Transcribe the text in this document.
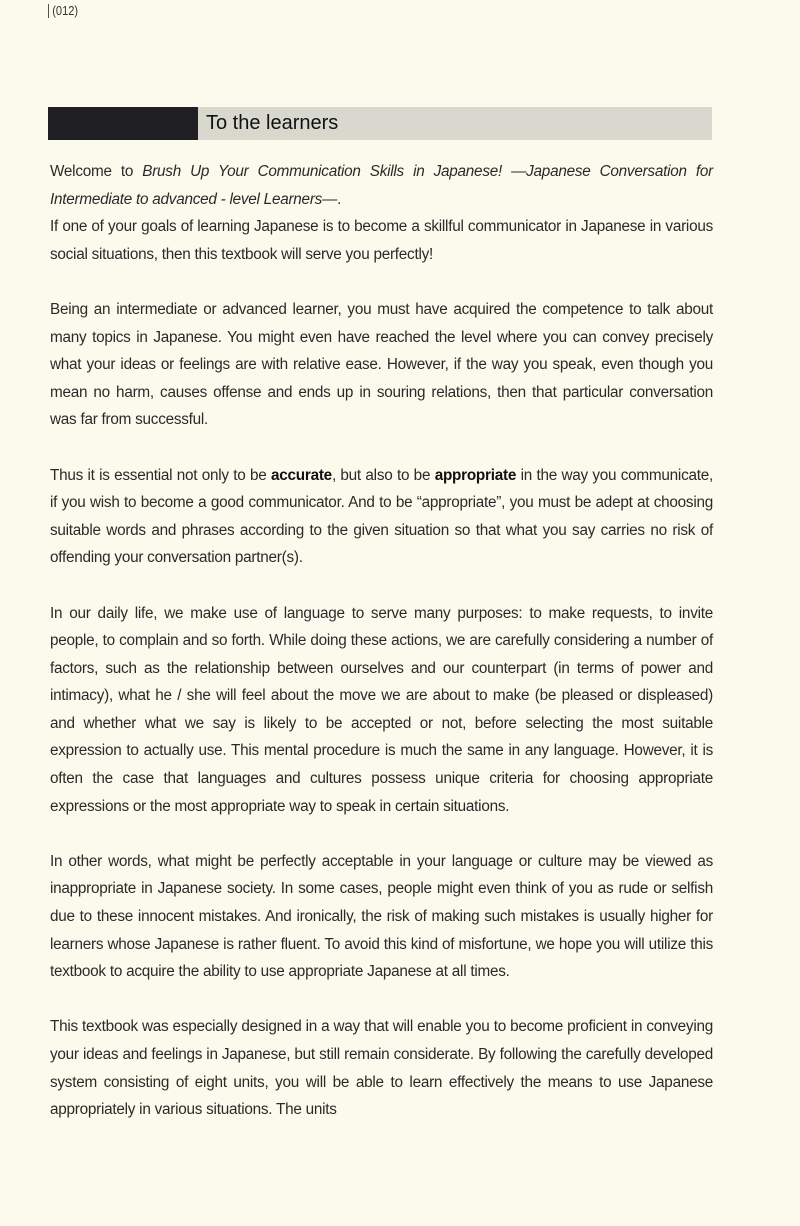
(012)
To the learners

Welcome to Brush Up Your Communication Skills in Japanese! —Japanese Conversation for Intermediate to advanced - level Learners—.

If one of your goals of learning Japanese is to become a skillful communicator in Japanese in various social situations, then this textbook will serve you perfectly!

Being an intermediate or advanced learner, you must have acquired the competence to talk about many topics in Japanese. You might even have reached the level where you can convey precisely what your ideas or feelings are with relative ease. However, if the way you speak, even though you mean no harm, causes offense and ends up in souring relations, then that particular conversation was far from successful.

Thus it is essential not only to be accurate, but also to be appropriate in the way you communicate, if you wish to become a good communicator. And to be “appropriate”, you must be adept at choosing suitable words and phrases according to the given situation so that what you say carries no risk of offending your conversation partner(s).

In our daily life, we make use of language to serve many purposes: to make requests, to invite people, to complain and so forth. While doing these actions, we are carefully considering a number of factors, such as the relationship between ourselves and our counterpart (in terms of power and intimacy), what he / she will feel about the move we are about to make (be pleased or displeased) and whether what we say is likely to be accepted or not, before selecting the most suitable expression to actually use. This mental procedure is much the same in any language. However, it is often the case that languages and cultures possess unique criteria for choosing appropriate expressions or the most appropriate way to speak in certain situations.

In other words, what might be perfectly acceptable in your language or culture may be viewed as inappropriate in Japanese society. In some cases, people might even think of you as rude or selfish due to these innocent mistakes. And ironically, the risk of making such mistakes is usually higher for learners whose Japanese is rather fluent. To avoid this kind of misfortune, we hope you will utilize this textbook to acquire the ability to use appropriate Japanese at all times.

This textbook was especially designed in a way that will enable you to become proficient in conveying your ideas and feelings in Japanese, but still remain considerate. By following the carefully developed system consisting of eight units, you will be able to learn effectively the means to use Japanese appropriately in various situations. The units
